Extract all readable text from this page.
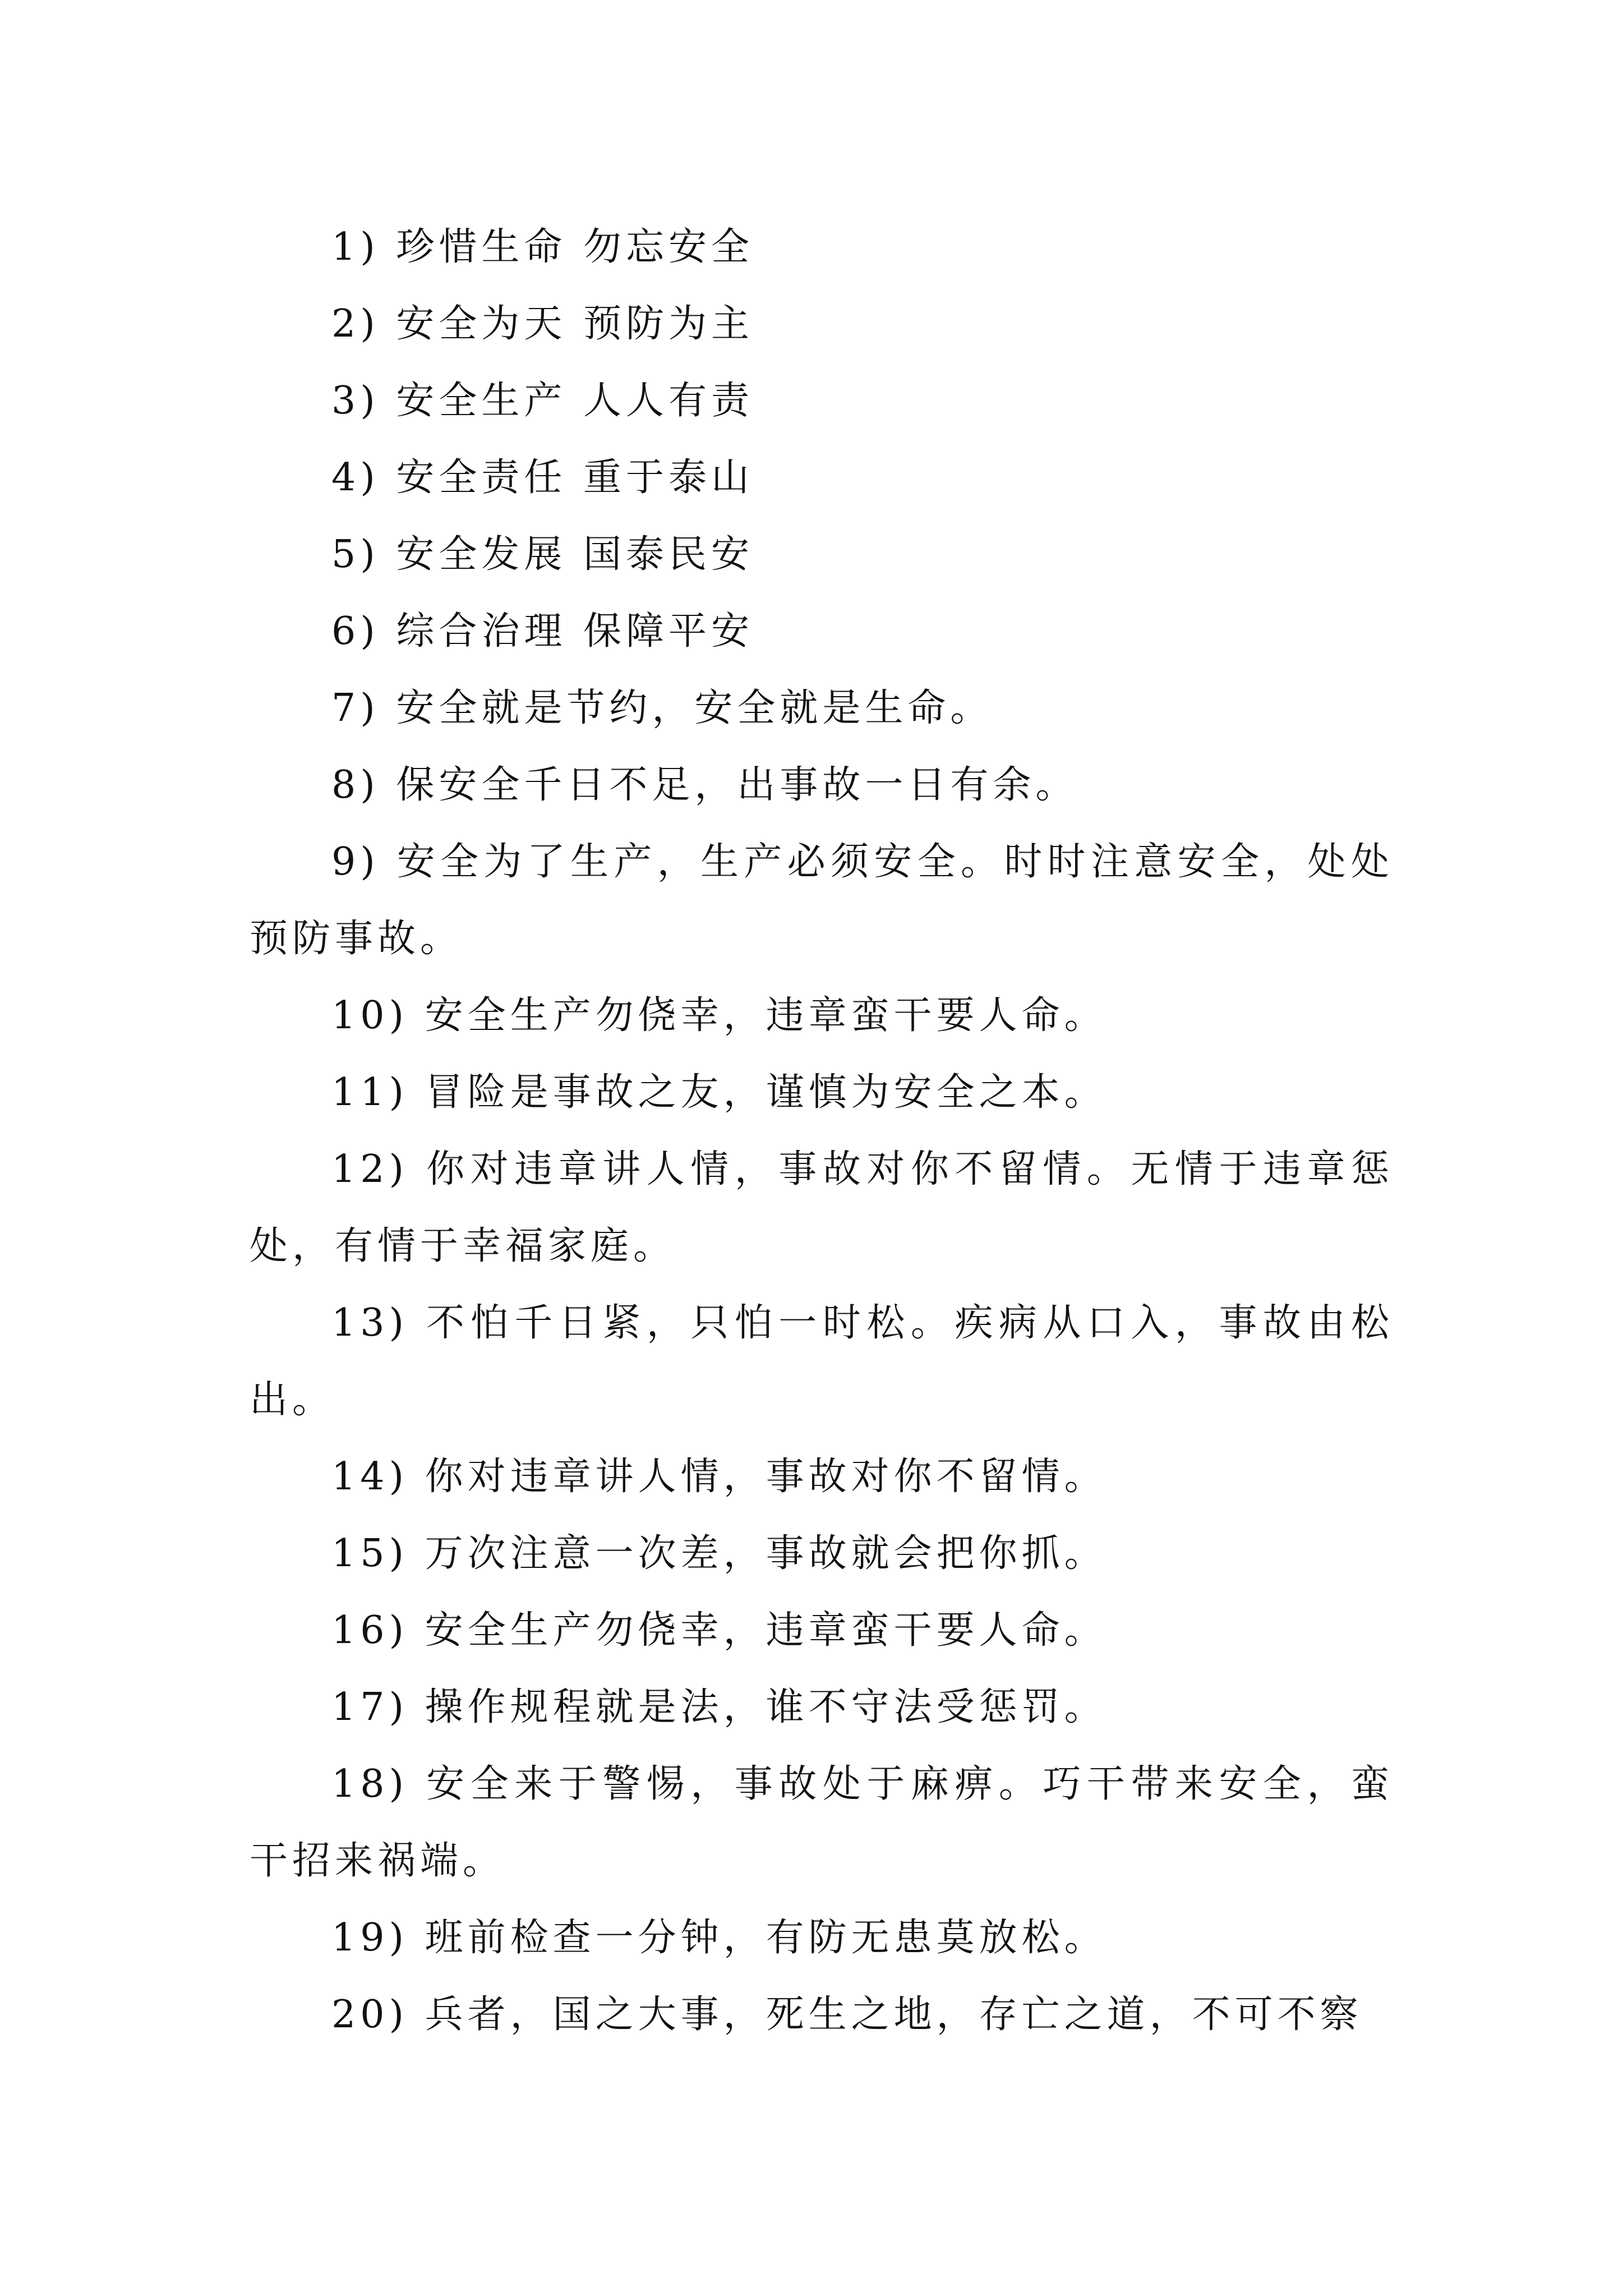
1) 珍惜生命 勿忘安全

2) 安全为天 预防为主

3) 安全生产 人人有责

4) 安全责任 重于泰山

5) 安全发展 国泰民安

6) 综合治理 保障平安

7) 安全就是节约，安全就是生命。

8) 保安全千日不足，出事故一日有余。

9) 安全为了生产，生产必须安全。时时注意安全，处处预防事故。

10) 安全生产勿侥幸，违章蛮干要人命。

11) 冒险是事故之友，谨慎为安全之本。

12) 你对违章讲人情，事故对你不留情。无情于违章惩处，有情于幸福家庭。

13) 不怕千日紧，只怕一时松。疾病从口入，事故由松出。

14) 你对违章讲人情，事故对你不留情。

15) 万次注意一次差，事故就会把你抓。

16) 安全生产勿侥幸，违章蛮干要人命。

17) 操作规程就是法，谁不守法受惩罚。

18) 安全来于警惕，事故处于麻痹。巧干带来安全，蛮干招来祸端。

19) 班前检查一分钟，有防无患莫放松。

20) 兵者，国之大事，死生之地，存亡之道，不可不察
